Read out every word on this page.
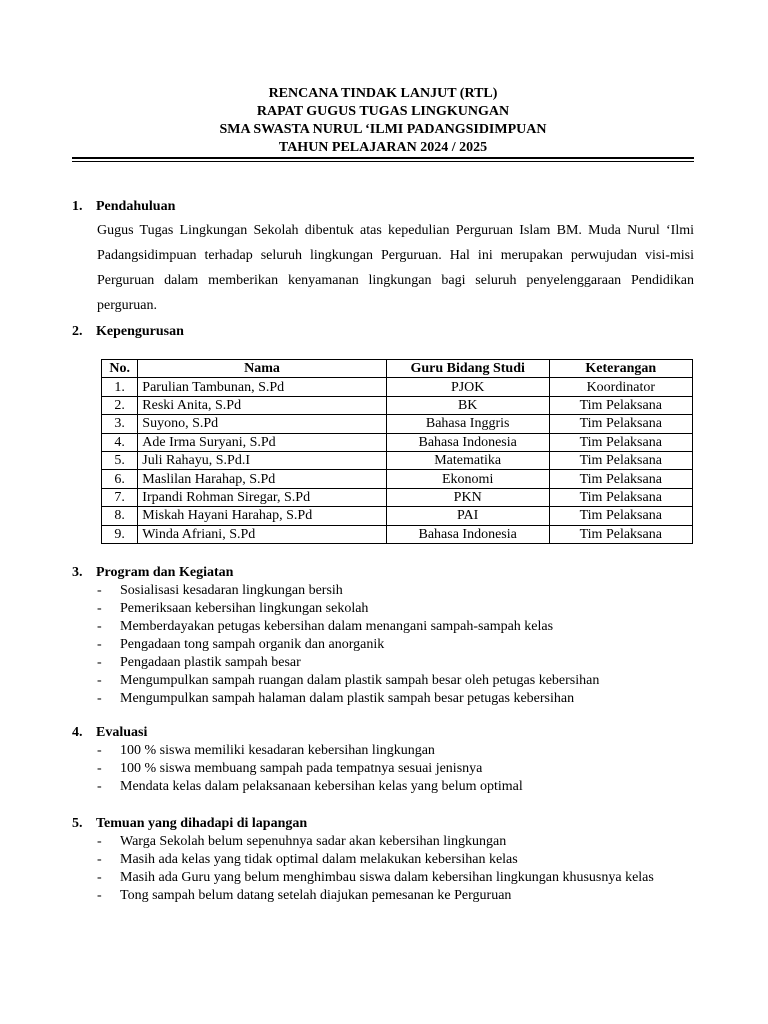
RENCANA TINDAK LANJUT (RTL)
RAPAT GUGUS TUGAS LINGKUNGAN
SMA SWASTA NURUL ‘ILMI PADANGSIDIMPUAN
TAHUN PELAJARAN 2024 / 2025
1. Pendahuluan
Gugus Tugas Lingkungan Sekolah dibentuk atas kepedulian Perguruan Islam BM. Muda Nurul ‘Ilmi Padangsidimpuan terhadap seluruh lingkungan Perguruan. Hal ini merupakan perwujudan visi-misi Perguruan dalam memberikan kenyamanan lingkungan bagi seluruh penyelenggaraan Pendidikan perguruan.
2. Kepengurusan
No.	Nama	Guru Bidang Studi	Keterangan
1.	Parulian Tambunan, S.Pd	PJOK	Koordinator
2.	Reski Anita, S.Pd	BK	Tim Pelaksana
3.	Suyono, S.Pd	Bahasa Inggris	Tim Pelaksana
4.	Ade Irma Suryani, S.Pd	Bahasa Indonesia	Tim Pelaksana
5.	Juli Rahayu, S.Pd.I	Matematika	Tim Pelaksana
6.	Maslilan Harahap, S.Pd	Ekonomi	Tim Pelaksana
7.	Irpandi Rohman Siregar, S.Pd	PKN	Tim Pelaksana
8.	Miskah Hayani Harahap, S.Pd	PAI	Tim Pelaksana
9.	Winda Afriani, S.Pd	Bahasa Indonesia	Tim Pelaksana
3. Program dan Kegiatan
- Sosialisasi kesadaran lingkungan bersih
- Pemeriksaan kebersihan lingkungan sekolah
- Memberdayakan petugas kebersihan dalam menangani sampah-sampah kelas
- Pengadaan tong sampah organik dan anorganik
- Pengadaan plastik sampah besar
- Mengumpulkan sampah ruangan dalam plastik sampah besar oleh petugas kebersihan
- Mengumpulkan sampah halaman dalam plastik sampah besar petugas kebersihan
4. Evaluasi
- 100 % siswa memiliki kesadaran kebersihan lingkungan
- 100 % siswa membuang sampah pada tempatnya sesuai jenisnya
- Mendata kelas dalam pelaksanaan kebersihan kelas yang belum optimal
5. Temuan yang dihadapi di lapangan
- Warga Sekolah belum sepenuhnya sadar akan kebersihan lingkungan
- Masih ada kelas yang tidak optimal dalam melakukan kebersihan kelas
- Masih ada Guru yang belum menghimbau siswa dalam kebersihan lingkungan khususnya kelas
- Tong sampah belum datang setelah diajukan pemesanan ke Perguruan
